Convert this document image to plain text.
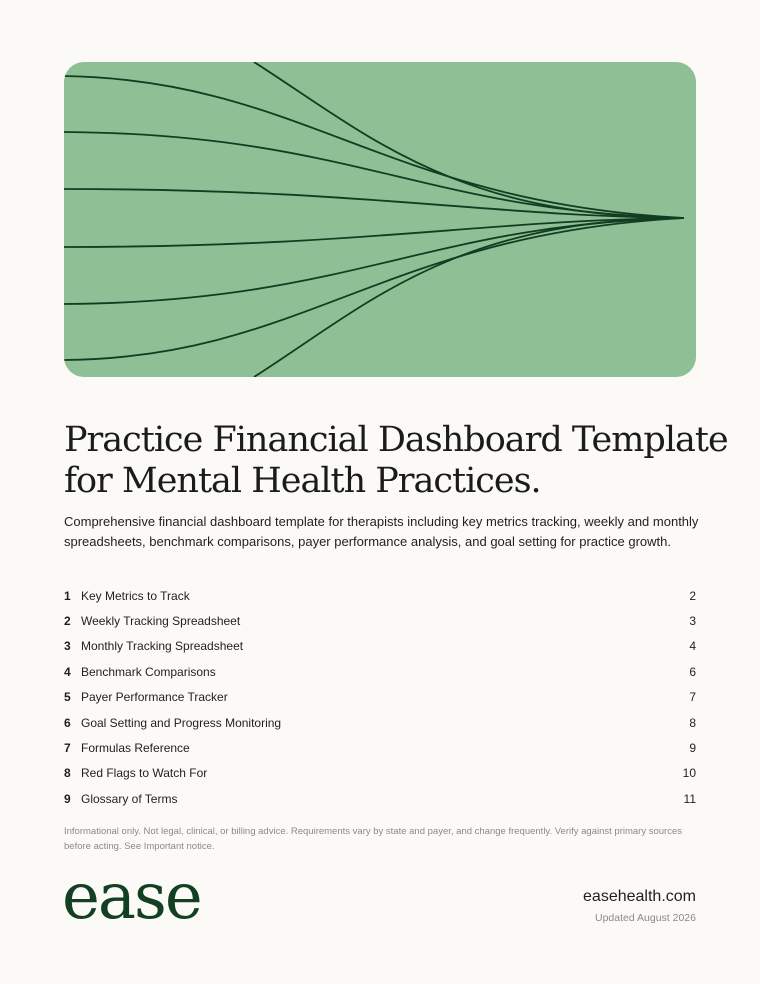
Practice Financial Dashboard Template
for Mental Health Practices.

Comprehensive financial dashboard template for therapists including key metrics tracking, weekly and monthly spreadsheets, benchmark comparisons, payer performance analysis, and goal setting for practice growth.

1 Key Metrics to Track	2
2 Weekly Tracking Spreadsheet	3
3 Monthly Tracking Spreadsheet	4
4 Benchmark Comparisons	6
5 Payer Performance Tracker	7
6 Goal Setting and Progress Monitoring	8
7 Formulas Reference	9
8 Red Flags to Watch For	10
9 Glossary of Terms	11

Informational only. Not legal, clinical, or billing advice. Requirements vary by state and payer, and change frequently. Verify against primary sources before acting. See Important notice.

ease	easehealth.com
Updated August 2026
